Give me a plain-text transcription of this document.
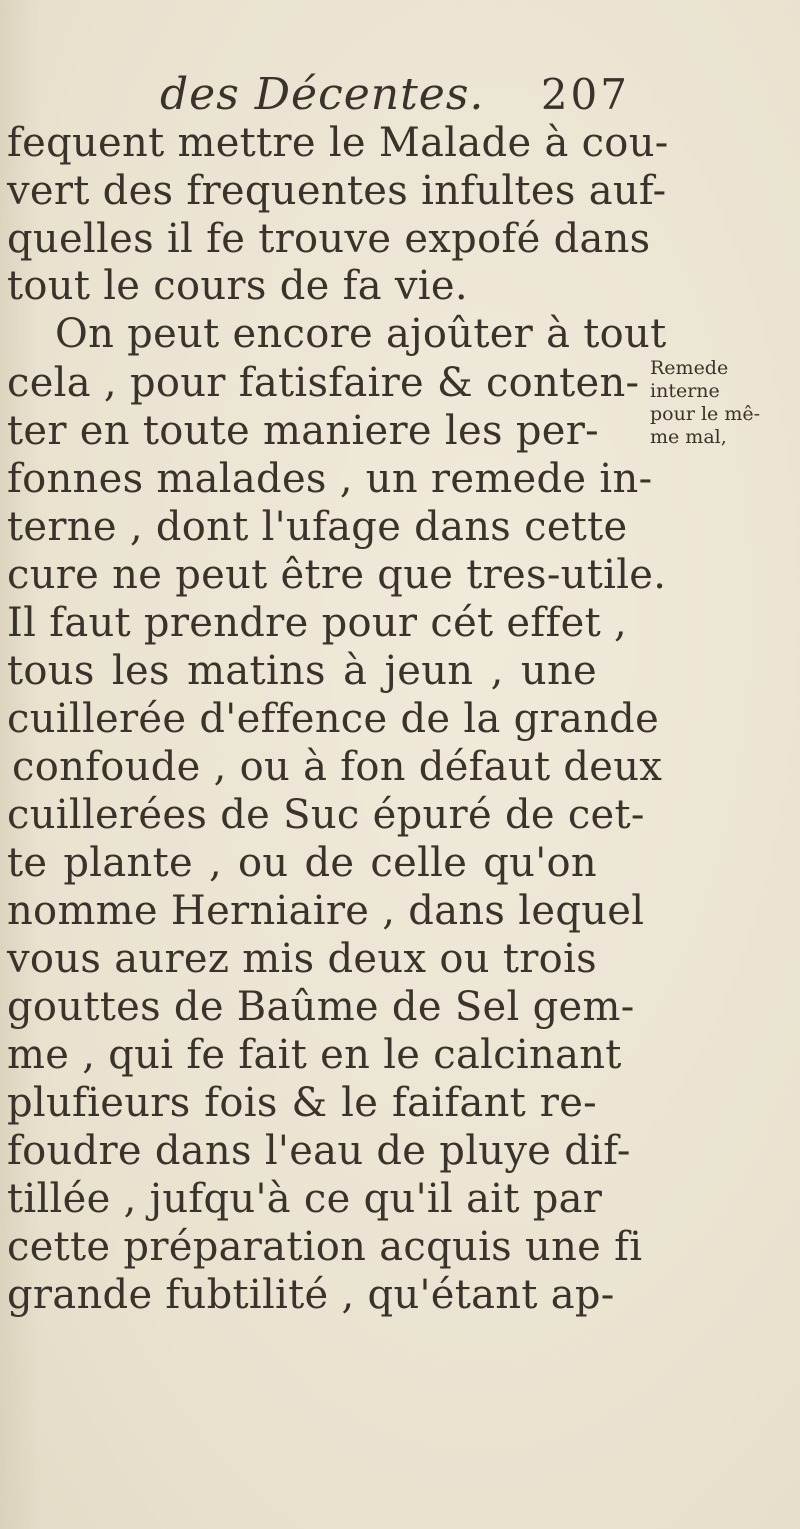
des Décentes. 207
fequent mettre le Malade à cou-
vert des frequentes infultes auf-
quelles il fe trouve expofé dans
tout le cours de fa vie.
On peut encore ajoûter à tout
cela , pour fatisfaire & conten-
ter en toute maniere les per-
fonnes malades , un remede in-
terne , dont l'ufage dans cette
cure ne peut être que tres-utile.
Il faut prendre pour cét effet ,
tous les matins à jeun , une
cuillerée d'effence de la grande
confoude , ou à fon défaut deux
cuillerées de Suc épuré de cet-
te plante , ou de celle qu'on
nomme Herniaire , dans lequel
vous aurez mis deux ou trois
gouttes de Baûme de Sel gem-
me , qui fe fait en le calcinant
plufieurs fois & le faifant re-
foudre dans l'eau de pluye dif-
tillée , jufqu'à ce qu'il ait par
cette préparation acquis une fi
grande fubtilité , qu'étant ap-
Remede
interne
pour le mê-
me mal,
